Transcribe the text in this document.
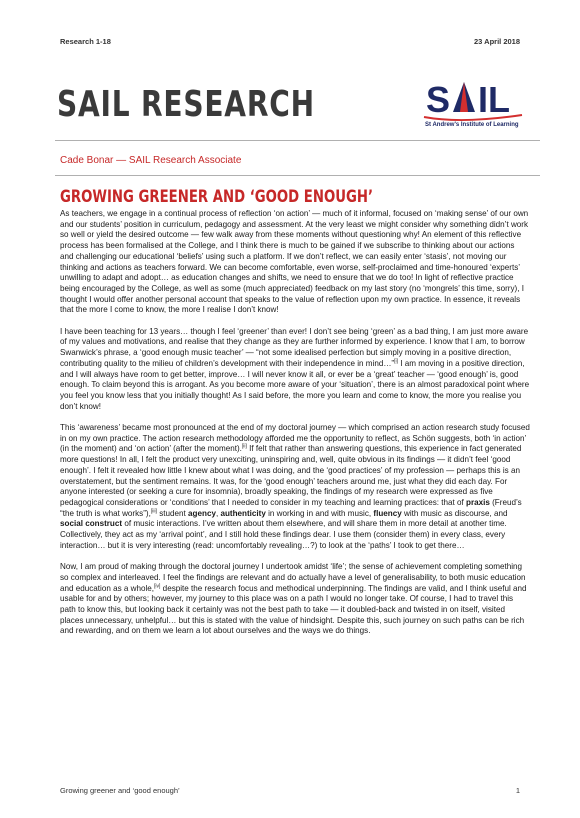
Research 1-18	23 April 2018
SAIL RESEARCH	S IL
St Andrew's Institute of Learning
Cade Bonar — SAIL Research Associate
GROWING GREENER AND ‘GOOD ENOUGH’

As teachers, we engage in a continual process of reflection ‘on action’ — much of it informal, focused on ‘making sense’ of our own and our students’ position in curriculum, pedagogy and assessment. At the very least we might consider why something didn’t work so well or yield the desired outcome — few walk away from these moments without questioning why! An element of this reflective process has been formalised at the College, and I think there is much to be gained if we subscribe to thinking about our actions and challenging our educational ‘beliefs’ using such a platform. If we don’t reflect, we can easily enter ‘stasis’, not moving our thinking and actions as teachers forward. We can become comfortable, even worse, self-proclaimed and time-honoured ‘experts’ unwilling to adapt and adopt… as education changes and shifts, we need to ensure that we do too! In light of reflective practice being encouraged by the College, as well as some (much appreciated) feedback on my last story (no ‘mongrels’ this time, sorry), I thought I would offer another personal account that speaks to the value of reflection upon my own practice. In essence, it reveals that the more I come to know, the more I realise I don’t know!

I have been teaching for 13 years… though I feel ‘greener’ than ever! I don’t see being ‘green’ as a bad thing, I am just more aware of my values and motivations, and realise that they change as they are further informed by experience. I know that I am, to borrow Swanwick’s phrase, a ‘good enough music teacher’ — “not some idealised perfection but simply moving in a positive direction, contributing quality to the milieu of children’s development with their independence in mind…”[i] I am moving in a positive direction, and I will always have room to get better, improve… I will never know it all, or ever be a ‘great’ teacher — ‘good enough’ is, good enough. To claim beyond this is arrogant. As you become more aware of your ‘situation’, there is an almost paradoxical point where you feel you know less that you initially thought! As I said before, the more you learn and come to know, the more you realise you don’t know!

This ‘awareness’ became most pronounced at the end of my doctoral journey — which comprised an action research study focused in on my own practice. The action research methodology afforded me the opportunity to reflect, as Schön suggests, both ‘in action’ (in the moment) and ‘on action’ (after the moment).[ii] If felt that rather than answering questions, this experience in fact generated more questions! In all, I felt the product very unexciting, uninspiring and, well, quite obvious in its findings — it didn’t feel ‘good enough’. I felt it revealed how little I knew about what I was doing, and the ‘good practices’ of my profession — perhaps this is an overstatement, but the sentiment remains. It was, for the ‘good enough’ teachers around me, just what they did each day. For anyone interested (or seeking a cure for insomnia), broadly speaking, the findings of my research were expressed as five pedagogical considerations or ‘conditions’ that I needed to consider in my teaching and learning practices: that of praxis (Freud’s “the truth is what works”),[iii] student agency, authenticity in working in and with music, fluency with music as discourse, and social construct of music interactions. I’ve written about them elsewhere, and will share them in more detail at another time. Collectively, they act as my ‘arrival point’, and I still hold these findings dear. I use them (consider them) in every class, every interaction… but it is very interesting (read: uncomfortably revealing…?) to look at the ‘paths’ I took to get there…

Now, I am proud of making through the doctoral journey I undertook amidst ‘life’; the sense of achievement completing something so complex and interleaved. I feel the findings are relevant and do actually have a level of generalisability, to both music education and education as a whole,[iv] despite the research focus and methodical underpinning. The findings are valid, and I think useful and usable for and by others; however, my journey to this place was on a path I would no longer take. Of course, I had to travel this path to know this, but looking back it certainly was not the best path to take — it doubled-back and twisted in on itself, visited places unnecessary, unhelpful… but this is stated with the value of hindsight. Despite this, such journey on such paths can be rich and rewarding, and on them we learn a lot about ourselves and the ways we do things.

Growing greener and ‘good enough’	1
